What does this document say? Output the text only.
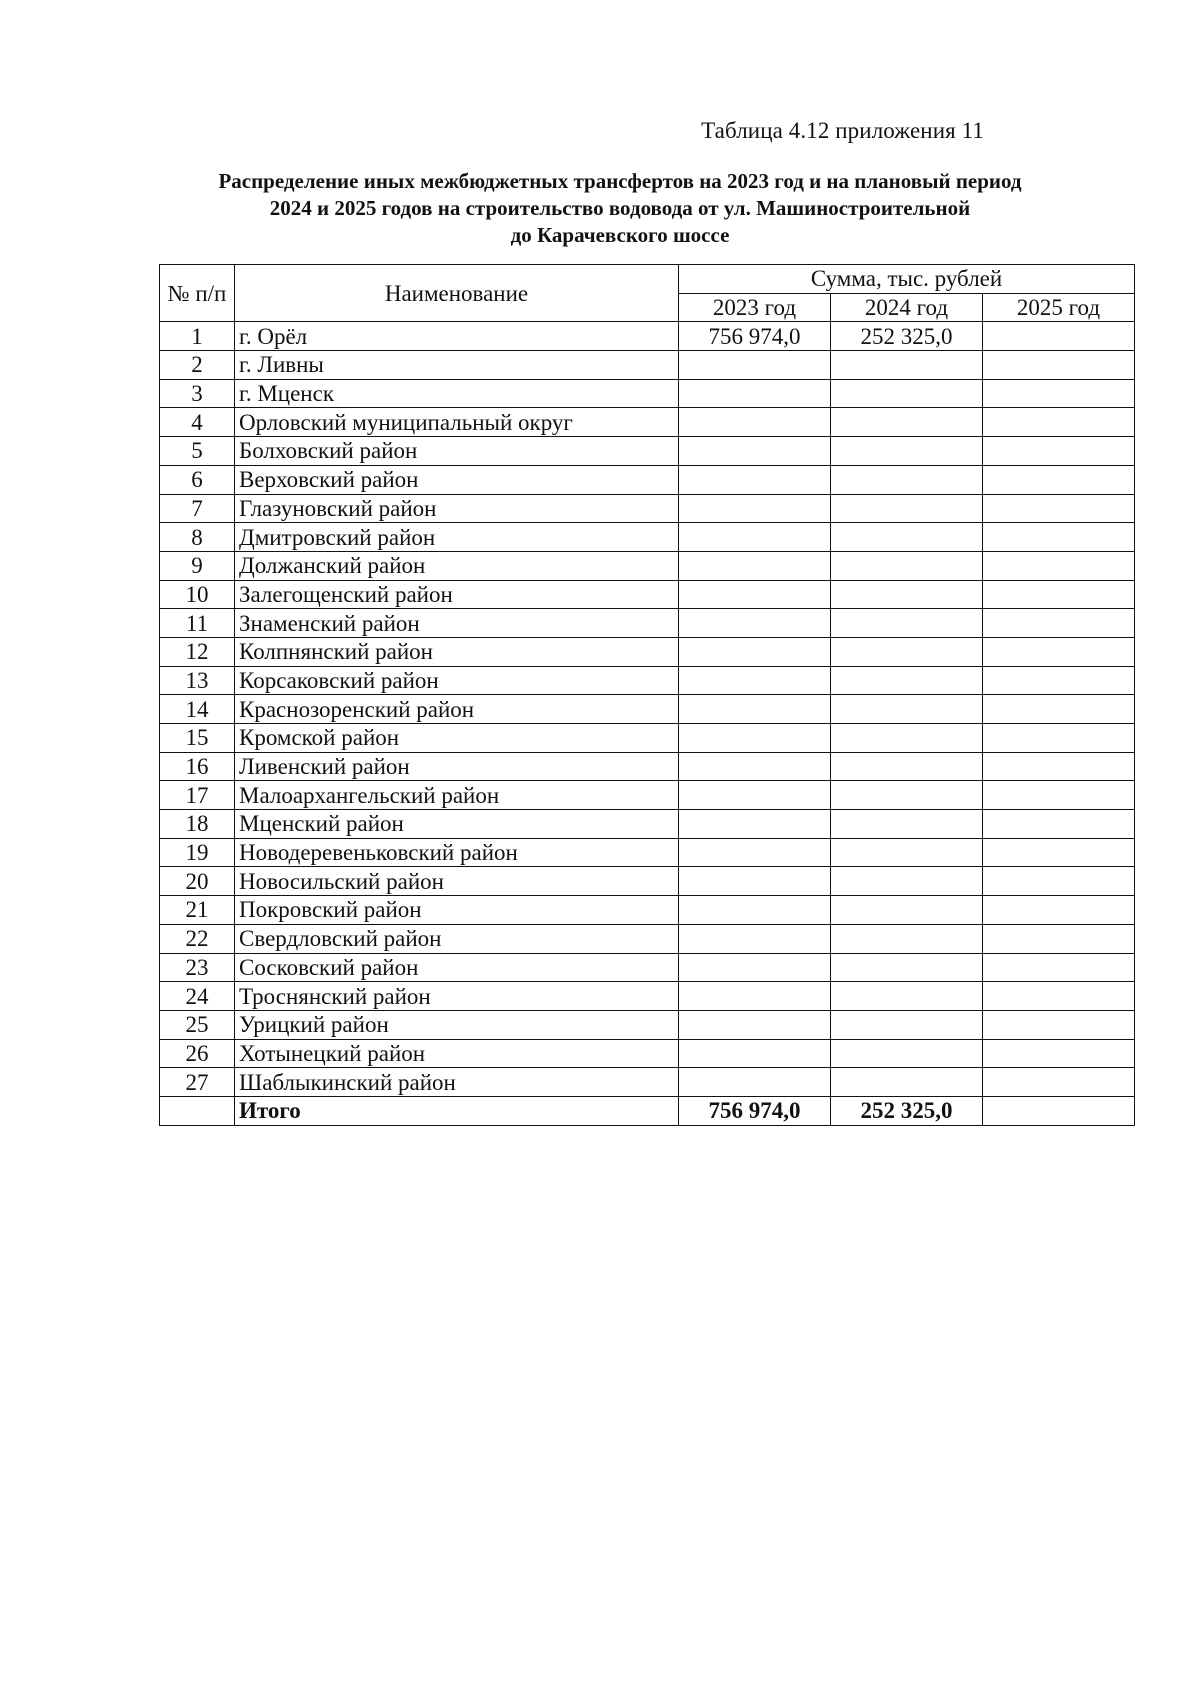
Таблица 4.12 приложения 11
Распределение иных межбюджетных трансфертов на 2023 год и на плановый период
2024 и 2025 годов на строительство водовода от ул. Машиностроительной
до Карачевского шоссе
№ п/п	Наименование	Сумма, тыс. рублей		
		2023 год	2024 год	2025 год
1	г. Орёл	756 974,0	252 325,0	
2	г. Ливны			
3	г. Мценск			
4	Орловский муниципальный округ			
5	Болховский район			
6	Верховский район			
7	Глазуновский район			
8	Дмитровский район			
9	Должанский район			
10	Залегощенский район			
11	Знаменский район			
12	Колпнянский район			
13	Корсаковский район			
14	Краснозоренский район			
15	Кромской район			
16	Ливенский район			
17	Малоархангельский район			
18	Мценский район			
19	Новодеревеньковский район			
20	Новосильский район			
21	Покровский район			
22	Свердловский район			
23	Сосковский район			
24	Троснянский район			
25	Урицкий район			
26	Хотынецкий район			
27	Шаблыкинский район			
	Итого	756 974,0	252 325,0	
